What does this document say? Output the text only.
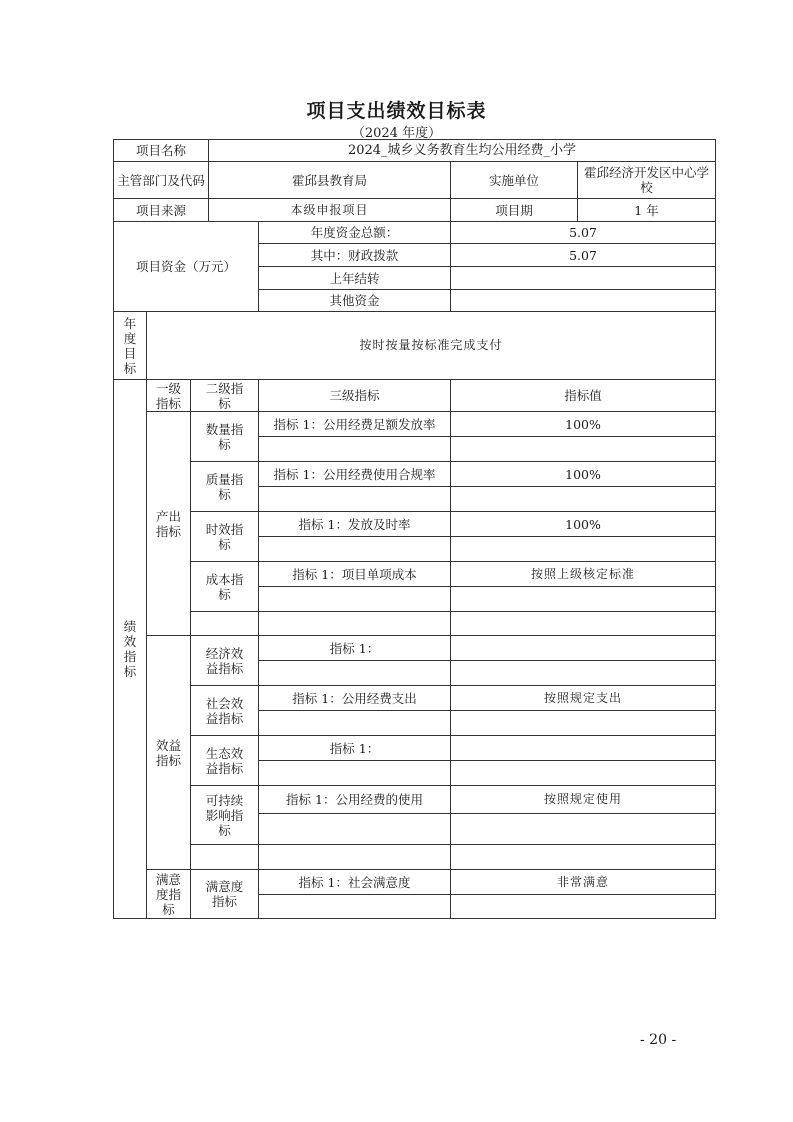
项目支出绩效目标表
（2024 年度）
项目名称	2024_城乡义务教育生均公用经费_小学
主管部门及代码	霍邱县教育局		实施单位	霍邱经济开发区中心学校

项目来源	本级申报项目		项目期	1 年

项目资金（万元）	年度资金总额：	5.07
其中：财政拨款	5.07
上年结转	
其他资金	
年度目标	按时按量按标准完成支付
绩效指标	一级指标	二级指标	三级指标	指标值
产出指标	数量指标	指标 1：公用经费足额发放率	100%

质量指标	指标 1：公用经费使用合规率	100%

时效指标	指标 1：发放及时率	100%

成本指标	指标 1：项目单项成本	按照上级核定标准

效益指标	经济效益指标	指标 1：	

社会效益指标	指标 1：公用经费支出	按照规定支出

生态效益指标	指标 1：	

可持续影响指标	指标 1：公用经费的使用	按照规定使用

满意度指标	满意度指标	指标 1：社会满意度	非常满意

- 20 -
